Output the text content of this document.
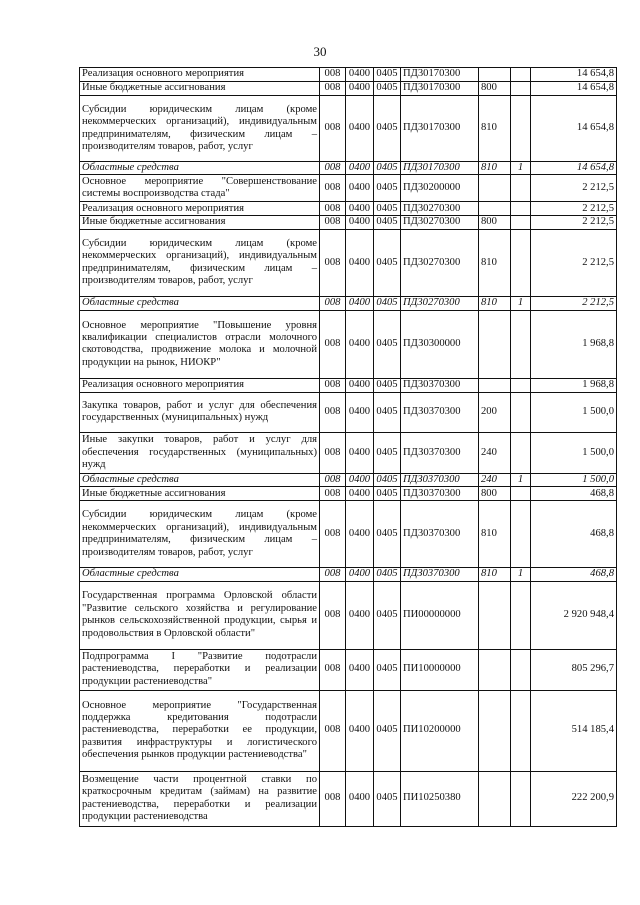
30
Реализация основного мероприятия	008	0400	0405	ПД30170300			14 654,8
Иные бюджетные ассигнования	008	0400	0405	ПД30170300	800		14 654,8
Субсидии юридическим лицам (кроме некоммерческих организаций), индивидуальным предпринимателям, физическим лицам – производителям товаров, работ, услуг	008	0400	0405	ПД30170300	810		14 654,8
Областные средства	008	0400	0405	ПД30170300	810	1	14 654,8
Основное мероприятие "Совершенствование системы воспроизводства стада"	008	0400	0405	ПД30200000			2 212,5
Реализация основного мероприятия	008	0400	0405	ПД30270300			2 212,5
Иные бюджетные ассигнования	008	0400	0405	ПД30270300	800		2 212,5
Субсидии юридическим лицам (кроме некоммерческих организаций), индивидуальным предпринимателям, физическим лицам – производителям товаров, работ, услуг	008	0400	0405	ПД30270300	810		2 212,5
Областные средства	008	0400	0405	ПД30270300	810	1	2 212,5
Основное мероприятие "Повышение уровня квалификации специалистов отрасли молочного скотоводства, продвижение молока и молочной продукции на рынок, НИОКР"	008	0400	0405	ПДЗ0300000			1 968,8
Реализация основного мероприятия	008	0400	0405	ПД30370300			1 968,8
Закупка товаров, работ и услуг для обеспечения государственных (муниципальных) нужд	008	0400	0405	ПДЗ0370300	200		1 500,0
Иные закупки товаров, работ и услуг для обеспечения государственных (муниципальных) нужд	008	0400	0405	ПДЗ0370300	240		1 500,0
Областные средства	008	0400	0405	ПДЗ0370300	240	1	1 500,0
Иные бюджетные ассигнования	008	0400	0405	ПДЗ0370300	800		468,8
Субсидии юридическим лицам (кроме некоммерческих организаций), индивидуальным предпринимателям, физическим лицам – производителям товаров, работ, услуг	008	0400	0405	ПД30370300	810		468,8
Областные средства	008	0400	0405	ПДЗ0370300	810	1	468,8
Государственная программа Орловской области "Развитие сельского хозяйства и регулирование рынков сельскохозяйственной продукции, сырья и продовольствия в Орловской области"	008	0400	0405	ПИ00000000			2 920 948,4
Подпрограмма I "Развитие подотрасли растениеводства, переработки и реализации продукции растениеводства"	008	0400	0405	ПИ10000000			805 296,7
Основное мероприятие "Государственная поддержка кредитования подотрасли растениеводства, переработки ее продукции, развития инфраструктуры и логистического обеспечения рынков продукции растениеводства"	008	0400	0405	ПИ10200000			514 185,4
Возмещение части процентной ставки по краткосрочным кредитам (займам) на развитие растениеводства, переработки и реализации продукции растениеводства	008	0400	0405	ПИ10250380			222 200,9
